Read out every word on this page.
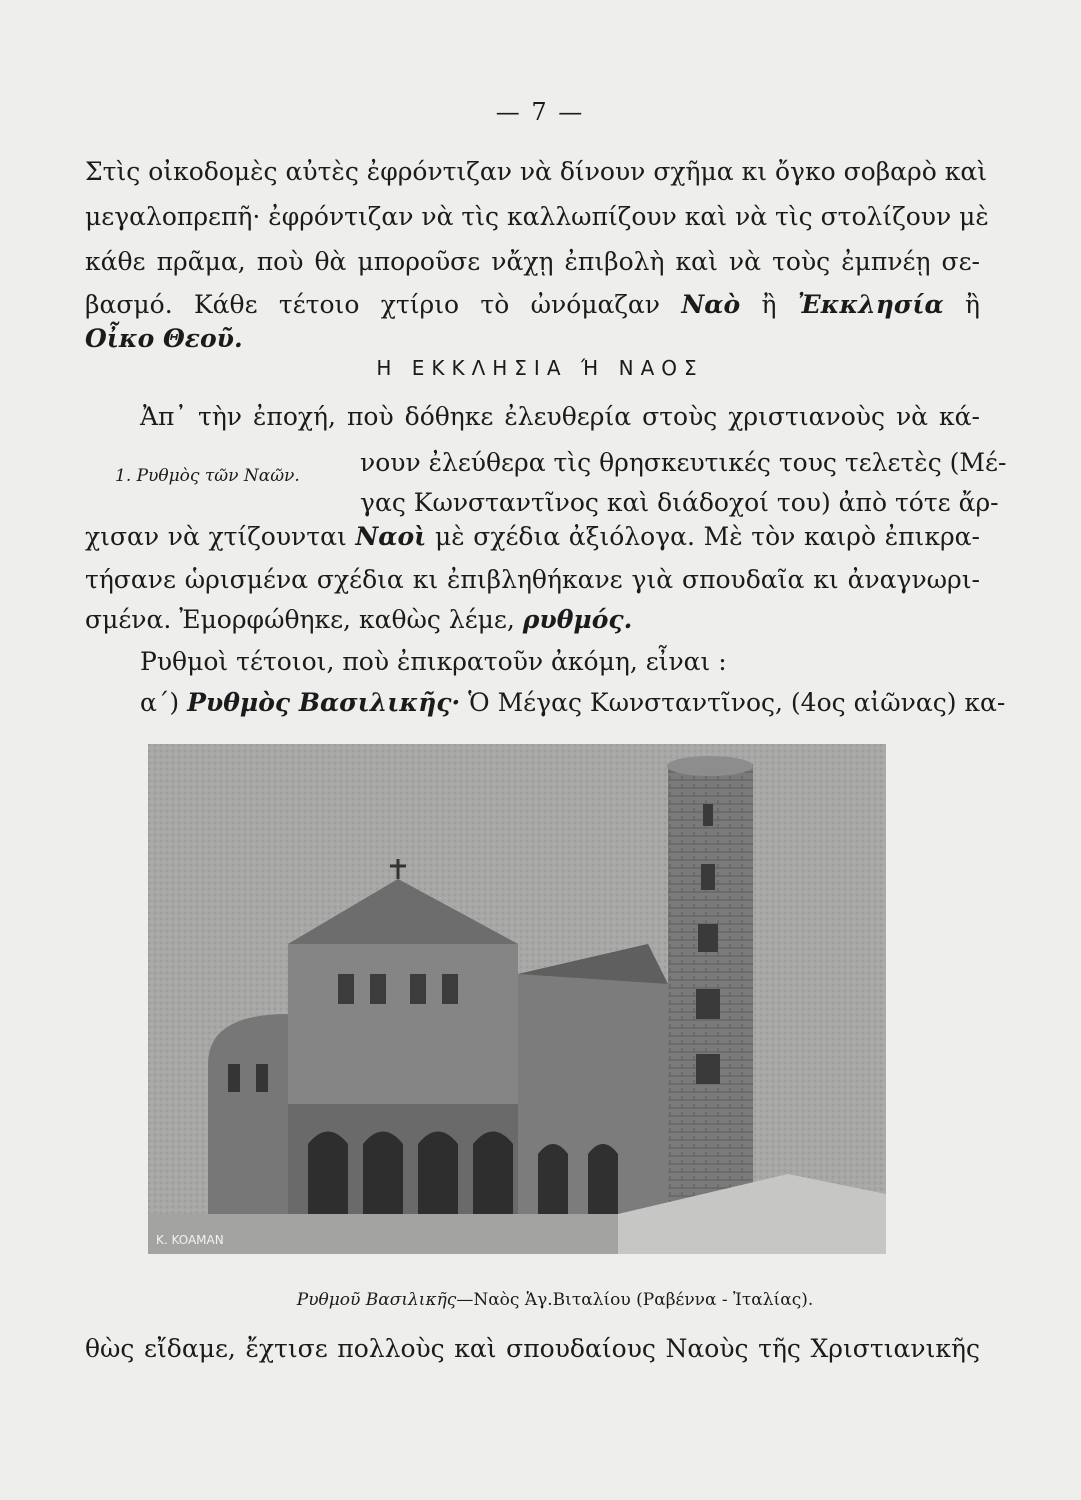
— 7 —
Στὶς οἰκοδομὲς αὐτὲς ἐφρόντιζαν νὰ δίνουν σχῆμα κι ὄγκο σοβαρὸ καὶ
μεγαλοπρεπῆ· ἐφρόντιζαν νὰ τὶς καλλωπίζουν καὶ νὰ τὶς στολίζουν μὲ
κάθε πρᾶμα, ποὺ θὰ μποροῦσε νἄχῃ ἐπιβολὴ καὶ νὰ τοὺς ἐμπνέῃ σε-
βασμό. Κάθε τέτοιο χτίριο τὸ ὠνόμαζαν Ναὸ ἢ Ἐκκλησία ἢ
Οἶκο Θεοῦ.
Η ΕΚΚΛΗΣΙΑ Ή ΝΑΟΣ
1. Ρυθμὸς τῶν Ναῶν.
Ἀπ᾽ τὴν ἐποχή, ποὺ δόθηκε ἐλευθερία στοὺς χριστιανοὺς νὰ κά-
νουν ἐλεύθερα τὶς θρησκευτικές τους τελετὲς (Μέ-
γας Κωνσταντῖνος καὶ διάδοχοί του) ἀπὸ τότε ἄρ-
χισαν νὰ χτίζουνται Ναοὶ μὲ σχέδια ἀξιόλογα. Μὲ τὸν καιρὸ ἐπικρα-
τήσανε ὡρισμένα σχέδια κι ἐπιβληθήκανε γιὰ σπουδαῖα κι ἀναγνωρι-
σμένα. Ἐμορφώθηκε, καθὼς λέμε, ρυθμός.
Ρυθμοὶ τέτοιοι, ποὺ ἐπικρατοῦν ἀκόμη, εἶναι :
α΄) Ρυθμὸς Βασιλικῆς· Ὁ Μέγας Κωνσταντῖνος, (4ος αἰῶνας) κα-
K. KOAMAN
Ρυθμοῦ Βασιλικῆς—Ναὸς Ἁγ.Βιταλίου (Ραβέννα - Ἰταλίας).
θὼς εἴδαμε, ἔχτισε πολλοὺς καὶ σπουδαίους Ναοὺς τῆς Χριστιανικῆς
